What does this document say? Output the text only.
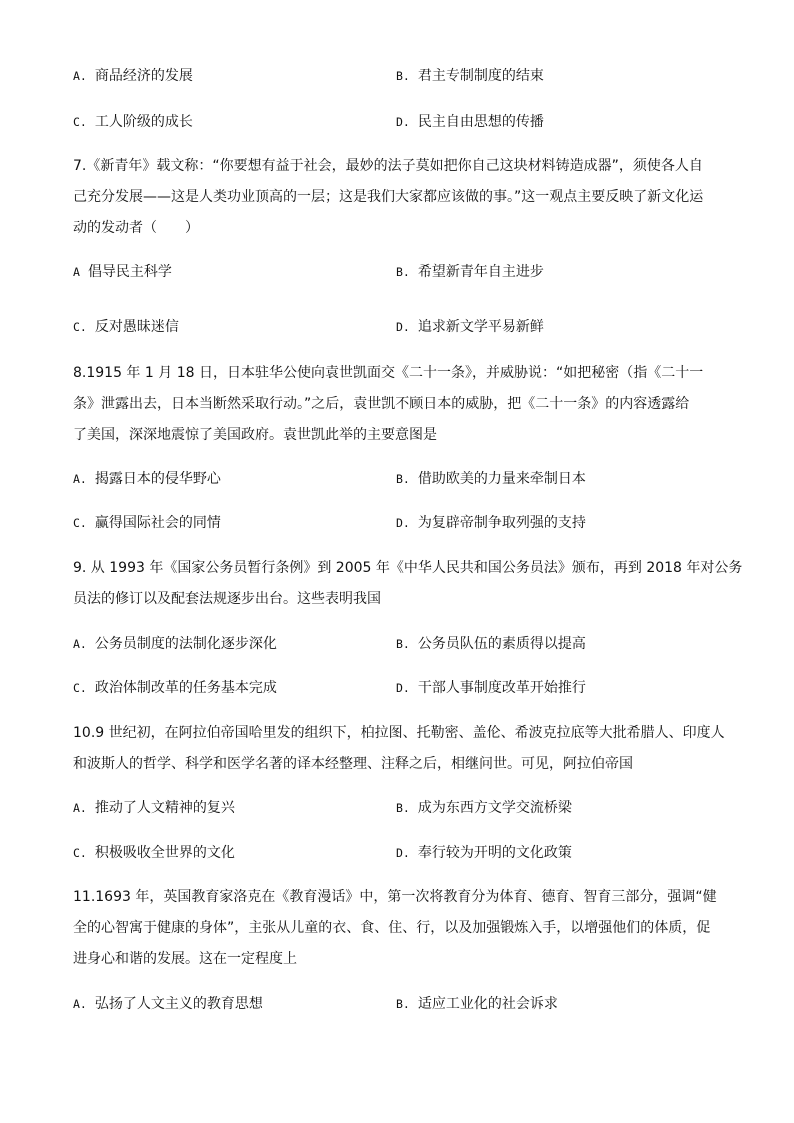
A. 商品经济的发展	B. 君主专制制度的结束
C. 工人阶级的成长	D. 民主自由思想的传播
7.《新青年》载文称：“你要想有益于社会，最妙的法子莫如把你自己这块材料铸造成器”，须使各人自
己充分发展——这是人类功业顶高的一层；这是我们大家都应该做的事。”这一观点主要反映了新文化运
动的发动者（　　）
A 倡导民主科学	B. 希望新青年自主进步
C. 反对愚昧迷信	D. 追求新文学平易新鲜
8.1915 年 1 月 18 日，日本驻华公使向袁世凯面交《二十一条》，并威胁说：“如把秘密（指《二十一
条》泄露出去，日本当断然采取行动。”之后，袁世凯不顾日本的威胁，把《二十一条》的内容透露给
了美国，深深地震惊了美国政府。袁世凯此举的主要意图是
A. 揭露日本的侵华野心	B. 借助欧美的力量来牵制日本
C. 赢得国际社会的同情	D. 为复辟帝制争取列强的支持
9. 从 1993 年《国家公务员暂行条例》到 2005 年《中华人民共和国公务员法》颁布，再到 2018 年对公务
员法的修订以及配套法规逐步出台。这些表明我国
A. 公务员制度的法制化逐步深化	B. 公务员队伍的素质得以提高
C. 政治体制改革的任务基本完成	D. 干部人事制度改革开始推行
10.9 世纪初，在阿拉伯帝国哈里发的组织下，柏拉图、托勒密、盖伦、希波克拉底等大批希腊人、印度人
和波斯人的哲学、科学和医学名著的译本经整理、注释之后，相继问世。可见，阿拉伯帝国
A. 推动了人文精神的复兴	B. 成为东西方文学交流桥梁
C. 积极吸收全世界的文化	D. 奉行较为开明的文化政策
11.1693 年，英国教育家洛克在《教育漫话》中，第一次将教育分为体育、德育、智育三部分，强调“健
全的心智寓于健康的身体”，主张从儿童的衣、食、住、行，以及加强锻炼入手，以增强他们的体质，促
进身心和谐的发展。这在一定程度上
A. 弘扬了人文主义的教育思想	B. 适应工业化的社会诉求
